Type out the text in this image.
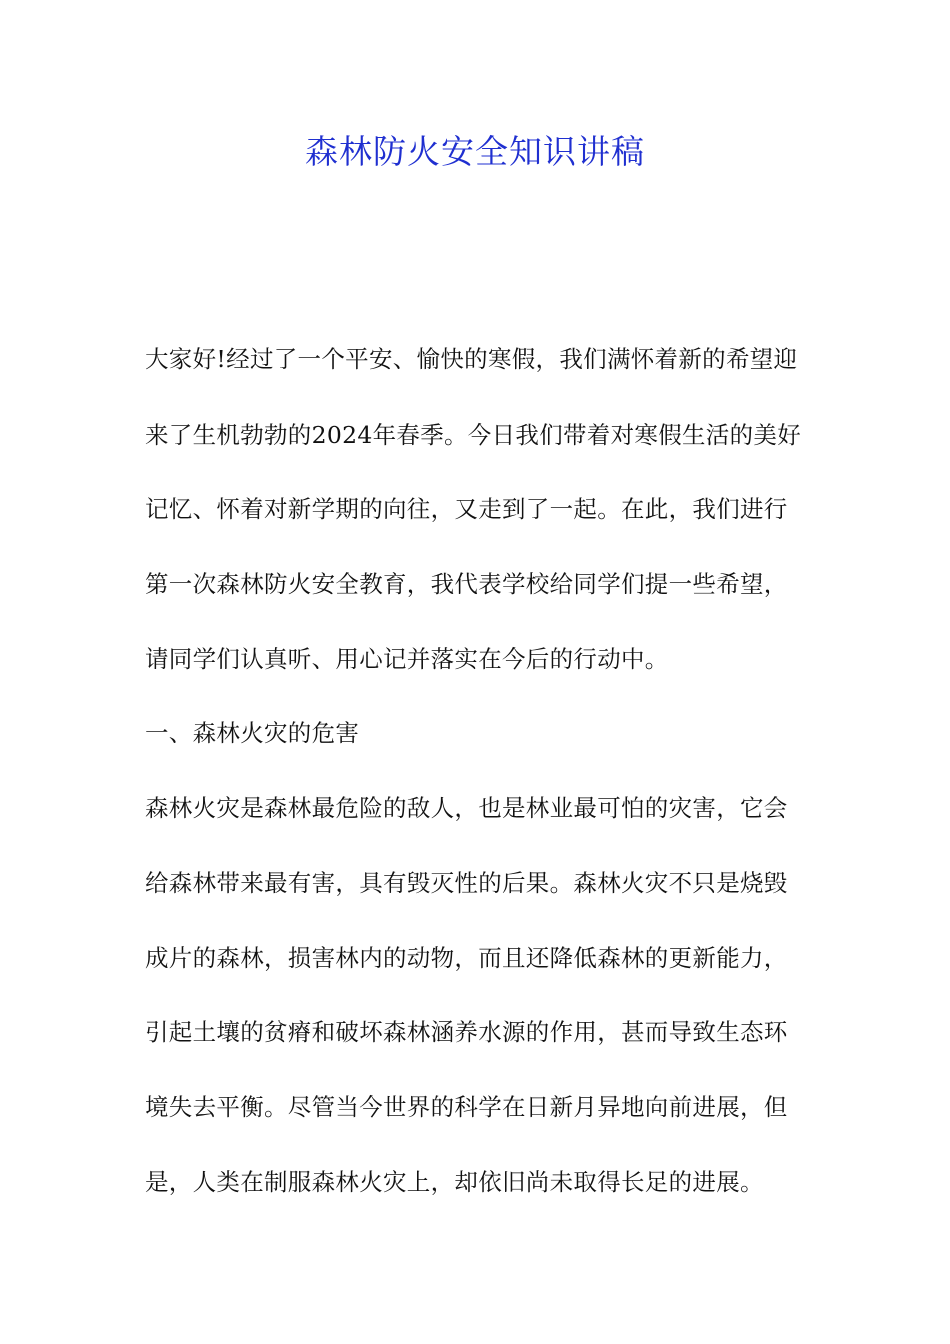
森林防火安全知识讲稿

大家好!经过了一个平安、愉快的寒假，我们满怀着新的希望迎

来了生机勃勃的2024年春季。今日我们带着对寒假生活的美好

记忆、怀着对新学期的向往，又走到了一起。在此，我们进行

第一次森林防火安全教育，我代表学校给同学们提一些希望，

请同学们认真听、用心记并落实在今后的行动中。

一、森林火灾的危害

森林火灾是森林最危险的敌人，也是林业最可怕的灾害，它会

给森林带来最有害，具有毁灭性的后果。森林火灾不只是烧毁

成片的森林，损害林内的动物，而且还降低森林的更新能力，

引起土壤的贫瘠和破坏森林涵养水源的作用，甚而导致生态环

境失去平衡。尽管当今世界的科学在日新月异地向前进展，但

是，人类在制服森林火灾上，却依旧尚未取得长足的进展。
